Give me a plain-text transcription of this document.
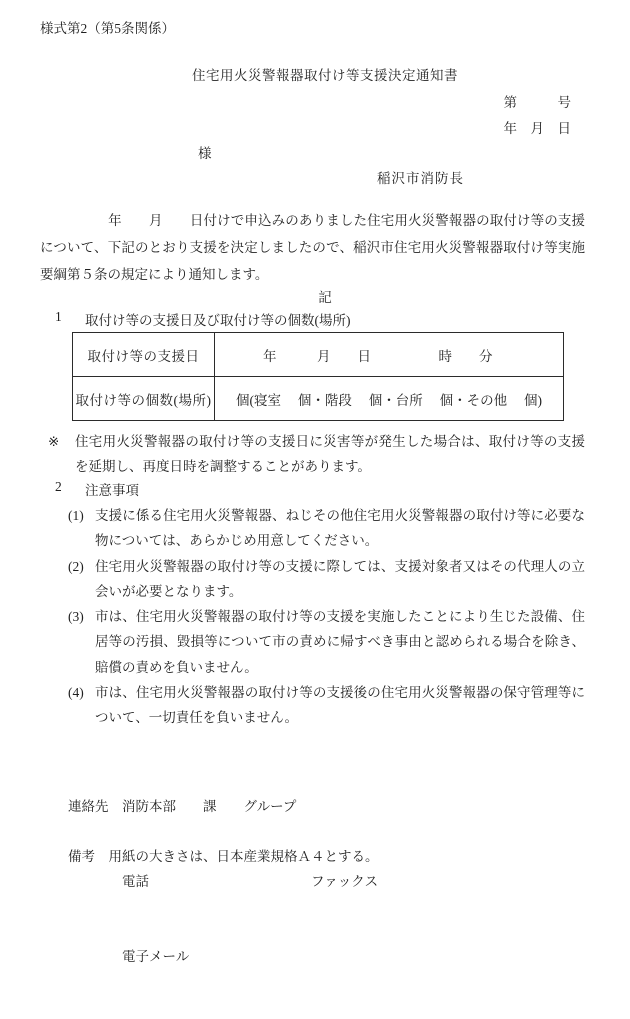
様式第2（第5条関係）
住宅用火災警報器取付け等支援決定通知書
第　　　号
年　月　日
様
稲沢市消防長

　　　　　年　　月　　日付けで申込みのありました住宅用火災警報器の取付け等の支援について、下記のとおり支援を決定しましたので、稲沢市住宅用火災警報器取付け等実施要綱第５条の規定により通知します。

記
1	取付け等の支援日及び取付け等の個数(場所)
取付け等の支援日	年　　　月　　日　　　　　時　　分
取付け等の個数(場所)	個(寝室　 個・階段　 個・台所　 個・その他　 個)
※	住宅用火災警報器の取付け等の支援日に災害等が発生した場合は、取付け等の支援を延期し、再度日時を調整することがあります。
2	注意事項
(1) 支援に係る住宅用火災警報器、ねじその他住宅用火災警報器の取付け等に必要な物については、あらかじめ用意してください。
(2) 住宅用火災警報器の取付け等の支援に際しては、支援対象者又はその代理人の立会いが必要となります。
(3) 市は、住宅用火災警報器の取付け等の支援を実施したことにより生じた設備、住居等の汚損、毀損等について市の責めに帰すべき事由と認められる場合を除き、賠償の責めを負いません。
(4) 市は、住宅用火災警報器の取付け等の支援後の住宅用火災警報器の保守管理等について、一切責任を負いません。

連絡先　消防本部　　課　　グループ

　　　　電話　　　　　　　　　　　　ファックス

　　　　電子メール

備考　用紙の大きさは、日本産業規格Ａ４とする。
